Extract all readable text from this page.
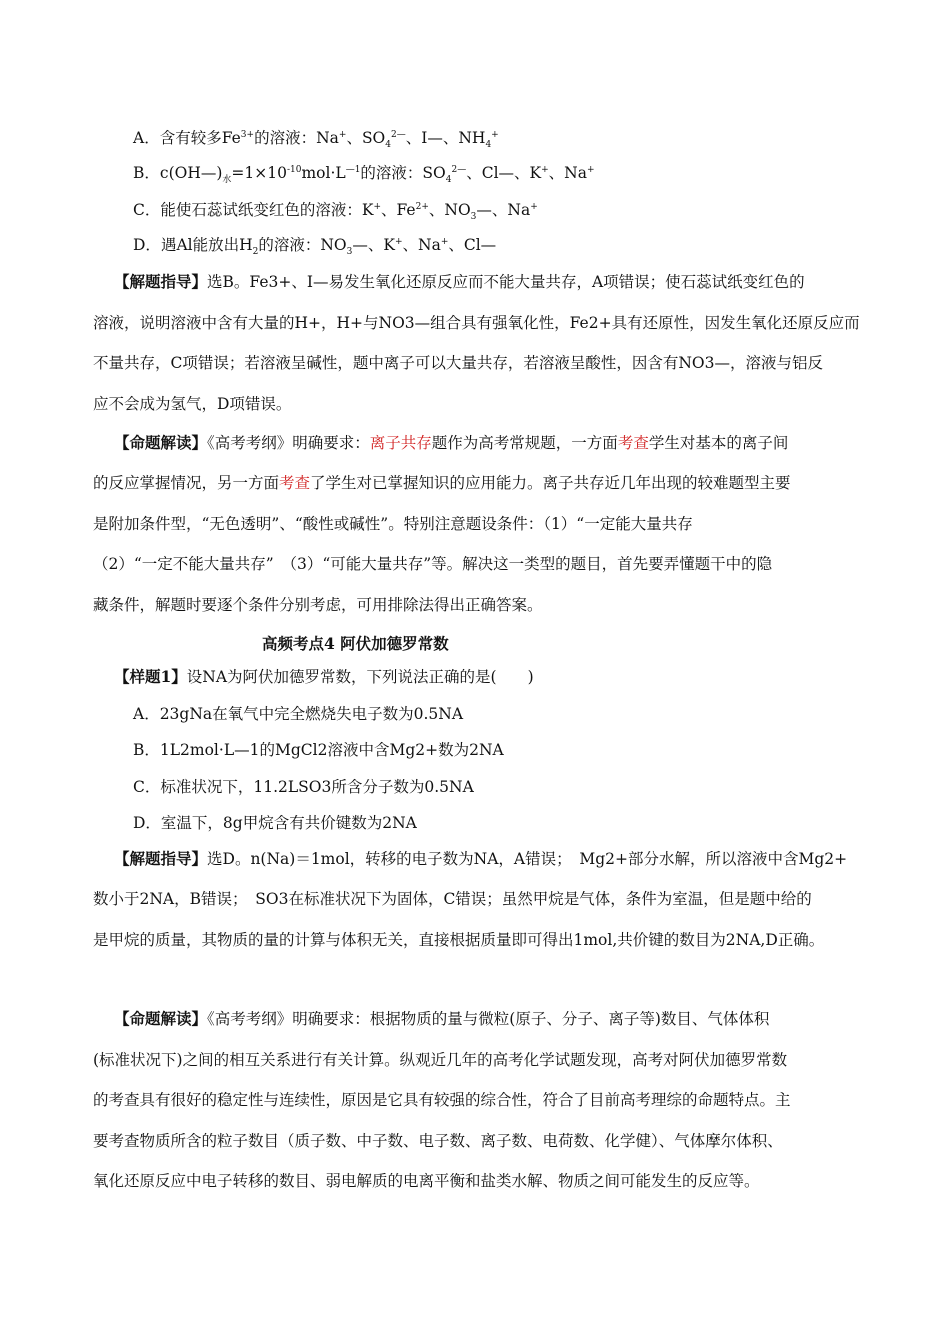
A．含有较多$Fe^{3+}$的溶液：Na+、$SO_4^{2—}$、I—、$NH_4^+$
B．$c(OH—)_水=1\times 10^{-10}mol\cdot L^{—1}$的溶液：$SO_4^{2—}$、Cl—、K+、Na+
C．能使石蕊试纸变红色的溶液：K+、$Fe^{2+}$、$NO_3—$、Na+
D．遇Al能放出$H_2$的溶液：$NO_3—$、K+、Na+、Cl—
【解题指导】选B。Fe3+、I—易发生氧化还原反应而不能大量共存，A项错误；使石蕊试纸变红色的
溶液，说明溶液中含有大量的H+，H+与NO3—组合具有强氧化性，Fe2+具有还原性，因发生氧化还原反应而
不量共存，C项错误；若溶液呈碱性，题中离子可以大量共存，若溶液呈酸性，因含有NO3—，溶液与铝反
应不会成为氢气，D项错误。
【命题解读】《高考考纲》明确要求：离子共存题作为高考常规题，一方面考查学生对基本的离子间
的反应掌握情况，另一方面考查了学生对已掌握知识的应用能力。离子共存近几年出现的较难题型主要
是附加条件型，“无色透明”、“酸性或碱性”。特别注意题设条件：（1）“一定能大量共存
（2）“一定不能大量共存”　（3）“可能大量共存”等。解决这一类型的题目，首先要弄懂题干中的隐
藏条件，解题时要逐个条件分别考虑，可用排除法得出正确答案。
高频考点4 阿伏加德罗常数
【样题1】设NA为阿伏加德罗常数，下列说法正确的是(　　)
A．23gNa在氧气中完全燃烧失电子数为0.5NA
B．1L2mol·L—1的MgCl2溶液中含Mg2+数为2NA
C．标准状况下，11.2LSO3所含分子数为0.5NA
D．室温下，8g甲烷含有共价键数为2NA
【解题指导】选D。n(Na)＝1mol，转移的电子数为NA，A错误；　Mg2+部分水解，所以溶液中含Mg2+
数小于2NA，B错误；　SO3在标准状况下为固体，C错误；虽然甲烷是气体，条件为室温，但是题中给的
是甲烷的质量，其物质的量的计算与体积无关，直接根据质量即可得出1mol,共价键的数目为2NA,D正确。
【命题解读】《高考考纲》明确要求：根据物质的量与微粒(原子、分子、离子等)数目、气体体积
(标准状况下)之间的相互关系进行有关计算。纵观近几年的高考化学试题发现，高考对阿伏加德罗常数
的考查具有很好的稳定性与连续性，原因是它具有较强的综合性，符合了目前高考理综的命题特点。主
要考查物质所含的粒子数目（质子数、中子数、电子数、离子数、电荷数、化学健）、气体摩尔体积、
氧化还原反应中电子转移的数目、弱电解质的电离平衡和盐类水解、物质之间可能发生的反应等。
